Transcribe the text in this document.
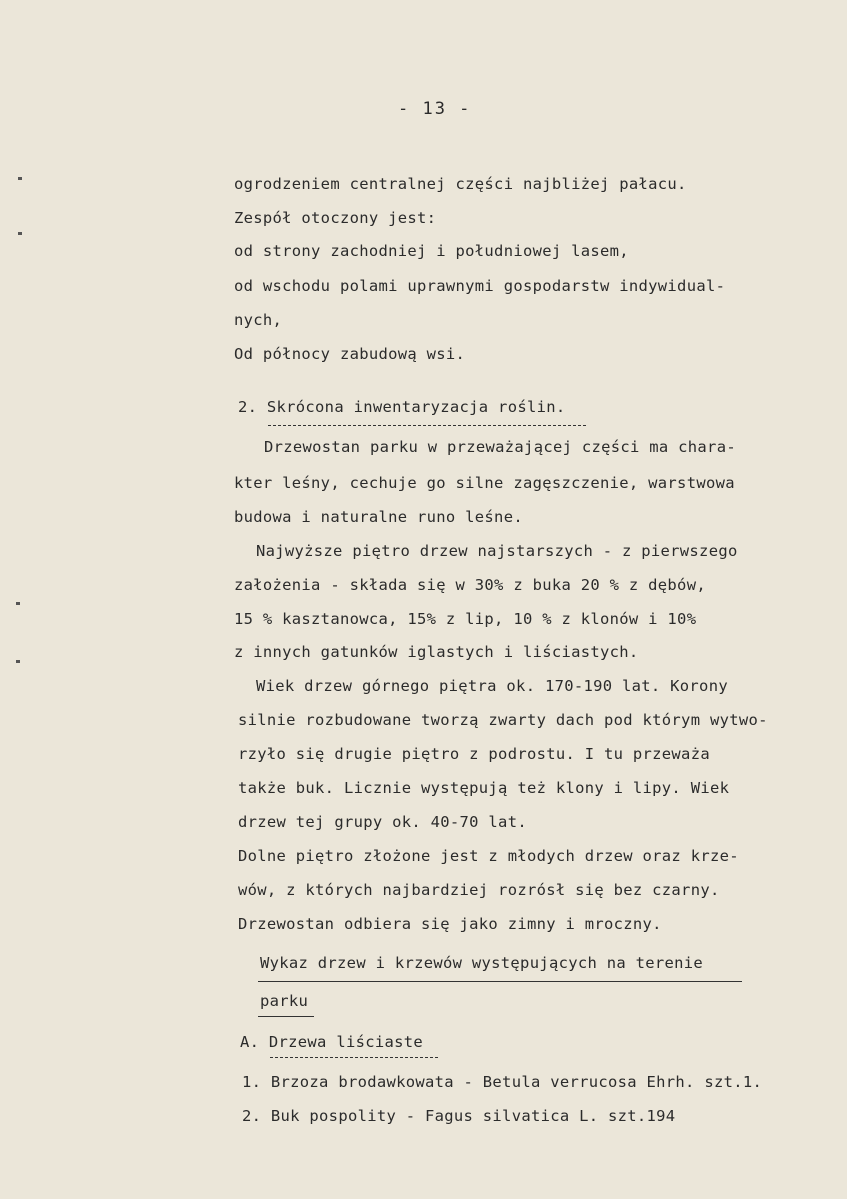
- 13 -
ogrodzeniem centralnej części najbliżej pałacu.
Zespół otoczony jest:
od strony zachodniej i południowej lasem,
od wschodu polami uprawnymi gospodarstw indywidual-
nych,
Od północy zabudową wsi.
2. Skrócona inwentaryzacja roślin.
Drzewostan parku w przeważającej części ma chara-
kter leśny, cechuje go silne zagęszczenie, warstwowa
budowa i naturalne runo leśne.
Najwyższe piętro drzew najstarszych - z pierwszego
założenia - składa się w 30% z buka 20 % z dębów,
15 % kasztanowca, 15% z lip, 10 % z klonów i 10%
z innych gatunków iglastych i liściastych.
Wiek drzew górnego piętra ok. 170-190 lat. Korony
silnie rozbudowane tworzą zwarty dach pod którym wytwo-
rzyło się drugie piętro z podrostu. I tu przeważa
także buk. Licznie występują też klony i lipy. Wiek
drzew tej grupy ok. 40-70 lat.
Dolne piętro złożone jest z młodych drzew oraz krze-
wów, z których najbardziej rozrósł się bez czarny.
Drzewostan odbiera się jako zimny i mroczny.
Wykaz drzew i krzewów występujących na terenie
parku
A. Drzewa liściaste
1. Brzoza brodawkowata - Betula verrucosa Ehrh. szt.1.
2. Buk pospolity - Fagus silvatica L. szt.194
